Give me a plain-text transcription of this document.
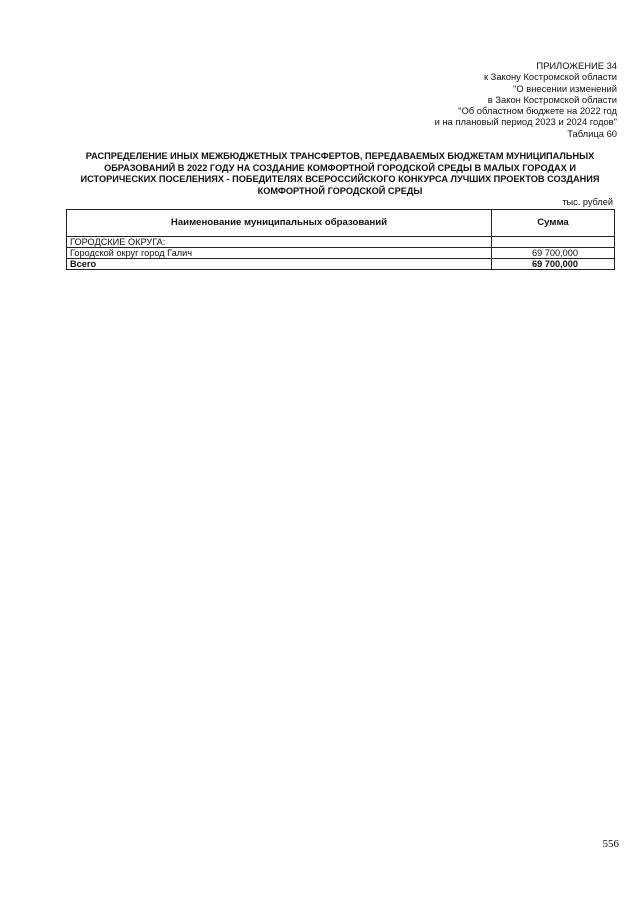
ПРИЛОЖЕНИЕ 34
к Закону Костромской области
"О внесении изменений
в Закон Костромской области
"Об областном бюджете на 2022 год
и на плановый период 2023 и 2024 годов"
Таблица 60
РАСПРЕДЕЛЕНИЕ ИНЫХ МЕЖБЮДЖЕТНЫХ ТРАНСФЕРТОВ, ПЕРЕДАВАЕМЫХ БЮДЖЕТАМ МУНИЦИПАЛЬНЫХ
ОБРАЗОВАНИЙ В 2022 ГОДУ НА СОЗДАНИЕ КОМФОРТНОЙ ГОРОДСКОЙ СРЕДЫ В МАЛЫХ ГОРОДАХ И
ИСТОРИЧЕСКИХ ПОСЕЛЕНИЯХ - ПОБЕДИТЕЛЯХ ВСЕРОССИЙСКОГО КОНКУРСА ЛУЧШИХ ПРОЕКТОВ СОЗДАНИЯ
КОМФОРТНОЙ ГОРОДСКОЙ СРЕДЫ
тыс. рублей
Наименование муниципальных образований	Сумма
ГОРОДСКИЕ ОКРУГА:	
Городской округ город Галич	69 700,000
Всего	69 700,000
556
